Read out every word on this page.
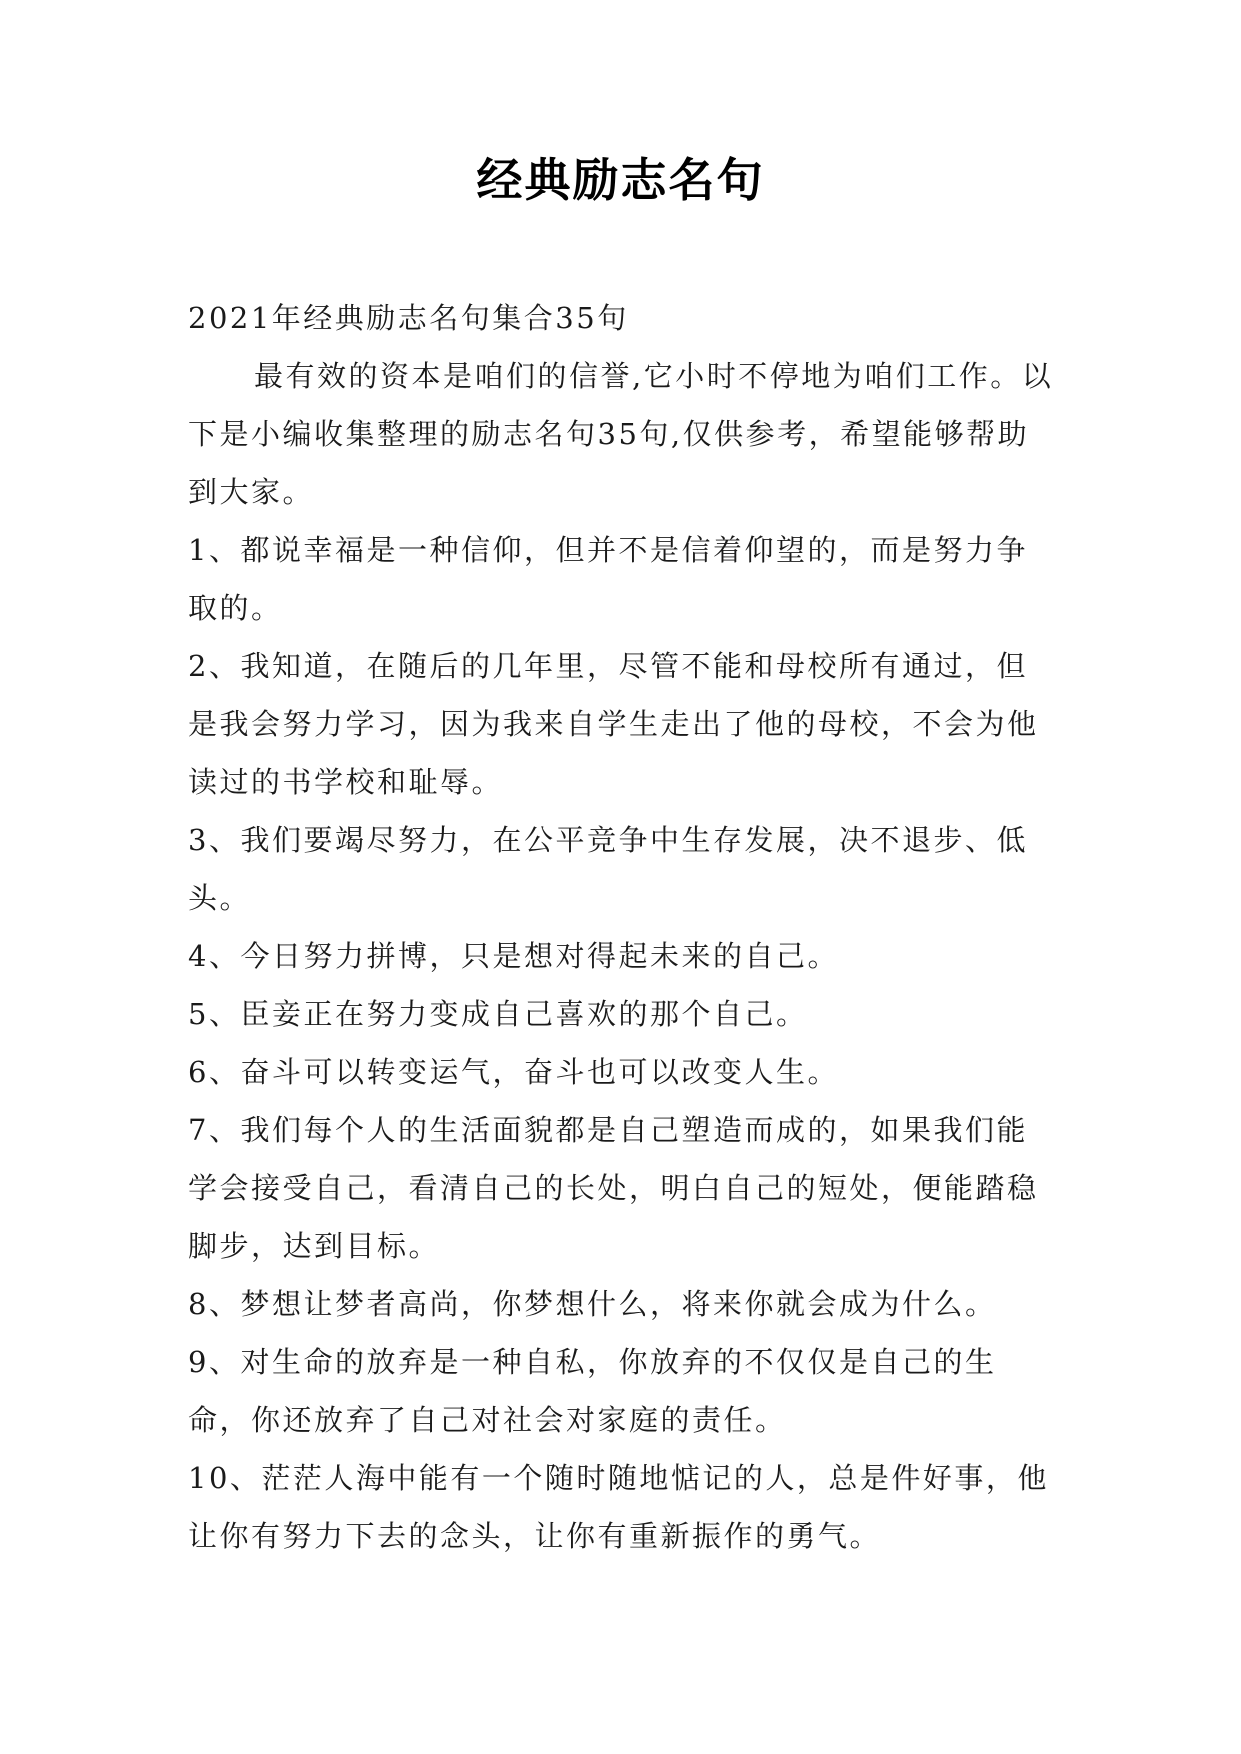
经典励志名句

2021年经典励志名句集合35句

最有效的资本是咱们的信誉,它小时不停地为咱们工作。以下是小编收集整理的励志名句35句,仅供参考，希望能够帮助到大家。

1、都说幸福是一种信仰，但并不是信着仰望的，而是努力争取的。

2、我知道，在随后的几年里，尽管不能和母校所有通过，但是我会努力学习，因为我来自学生走出了他的母校，不会为他读过的书学校和耻辱。

3、我们要竭尽努力，在公平竞争中生存发展，决不退步、低头。

4、今日努力拼博，只是想对得起未来的自己。

5、臣妾正在努力变成自己喜欢的那个自己。

6、奋斗可以转变运气，奋斗也可以改变人生。

7、我们每个人的生活面貌都是自己塑造而成的，如果我们能学会接受自己，看清自己的长处，明白自己的短处，便能踏稳脚步，达到目标。

8、梦想让梦者高尚，你梦想什么，将来你就会成为什么。

9、对生命的放弃是一种自私，你放弃的不仅仅是自己的生命，你还放弃了自己对社会对家庭的责任。

10、茫茫人海中能有一个随时随地惦记的人，总是件好事，他让你有努力下去的念头，让你有重新振作的勇气。
